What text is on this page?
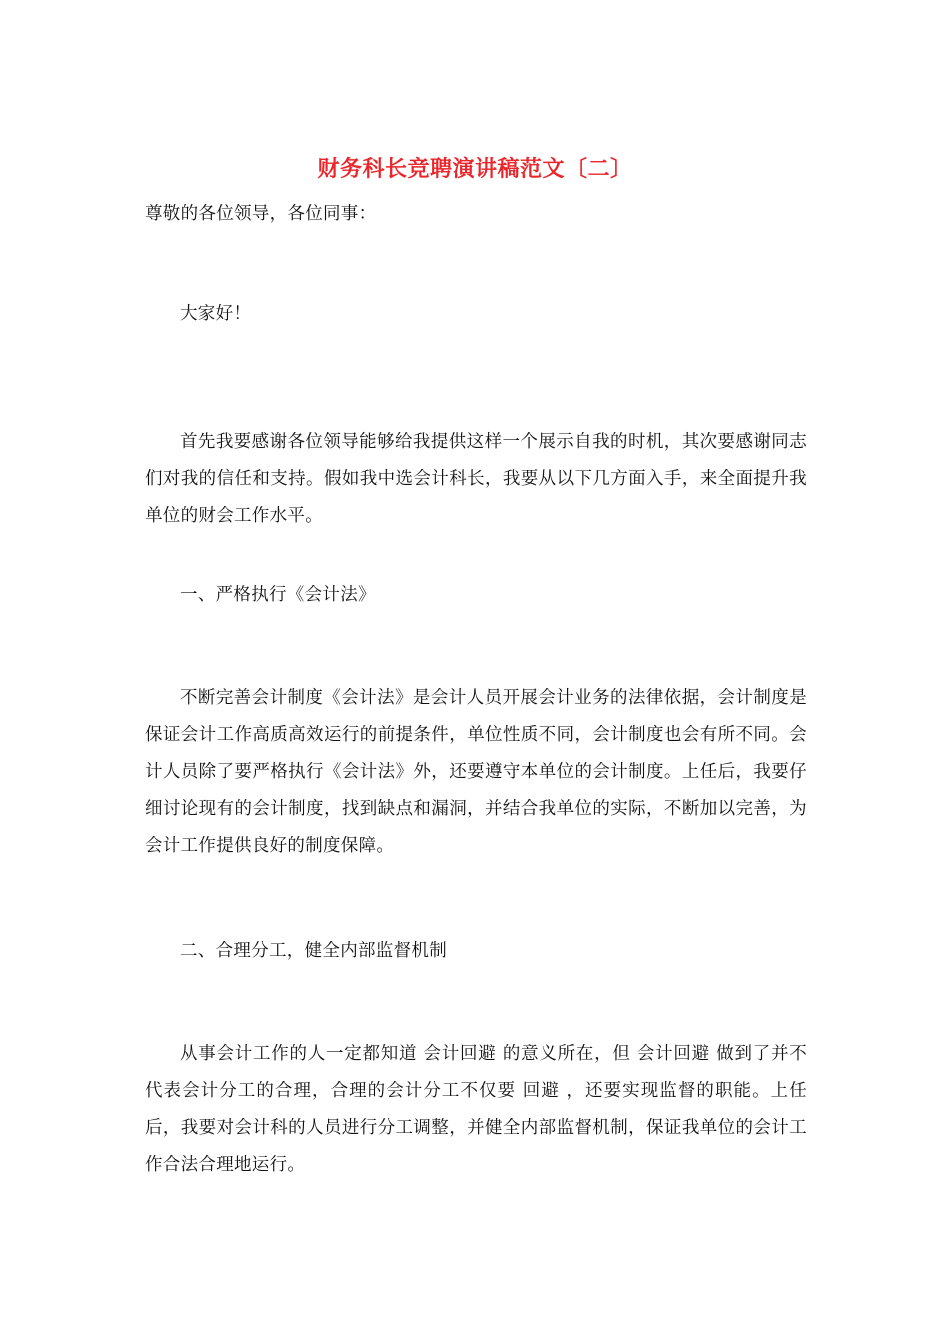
财务科长竞聘演讲稿范文〔二〕

尊敬的各位领导，各位同事：

大家好！

首先我要感谢各位领导能够给我提供这样一个展示自我的时机，其次要感谢同志们对我的信任和支持。假如我中选会计科长，我要从以下几方面入手，来全面提升我单位的财会工作水平。

一、严格执行《会计法》

不断完善会计制度《会计法》是会计人员开展会计业务的法律依据，会计制度是保证会计工作高质高效运行的前提条件，单位性质不同，会计制度也会有所不同。会计人员除了要严格执行《会计法》外，还要遵守本单位的会计制度。上任后，我要仔细讨论现有的会计制度，找到缺点和漏洞，并结合我单位的实际，不断加以完善，为会计工作提供良好的制度保障。

二、合理分工，健全内部监督机制

从事会计工作的人一定都知道 会计回避 的意义所在，但 会计回避 做到了并不代表会计分工的合理，合理的会计分工不仅要 回避 ，还要实现监督的职能。上任后，我要对会计科的人员进行分工调整，并健全内部监督机制，保证我单位的会计工作合法合理地运行。
